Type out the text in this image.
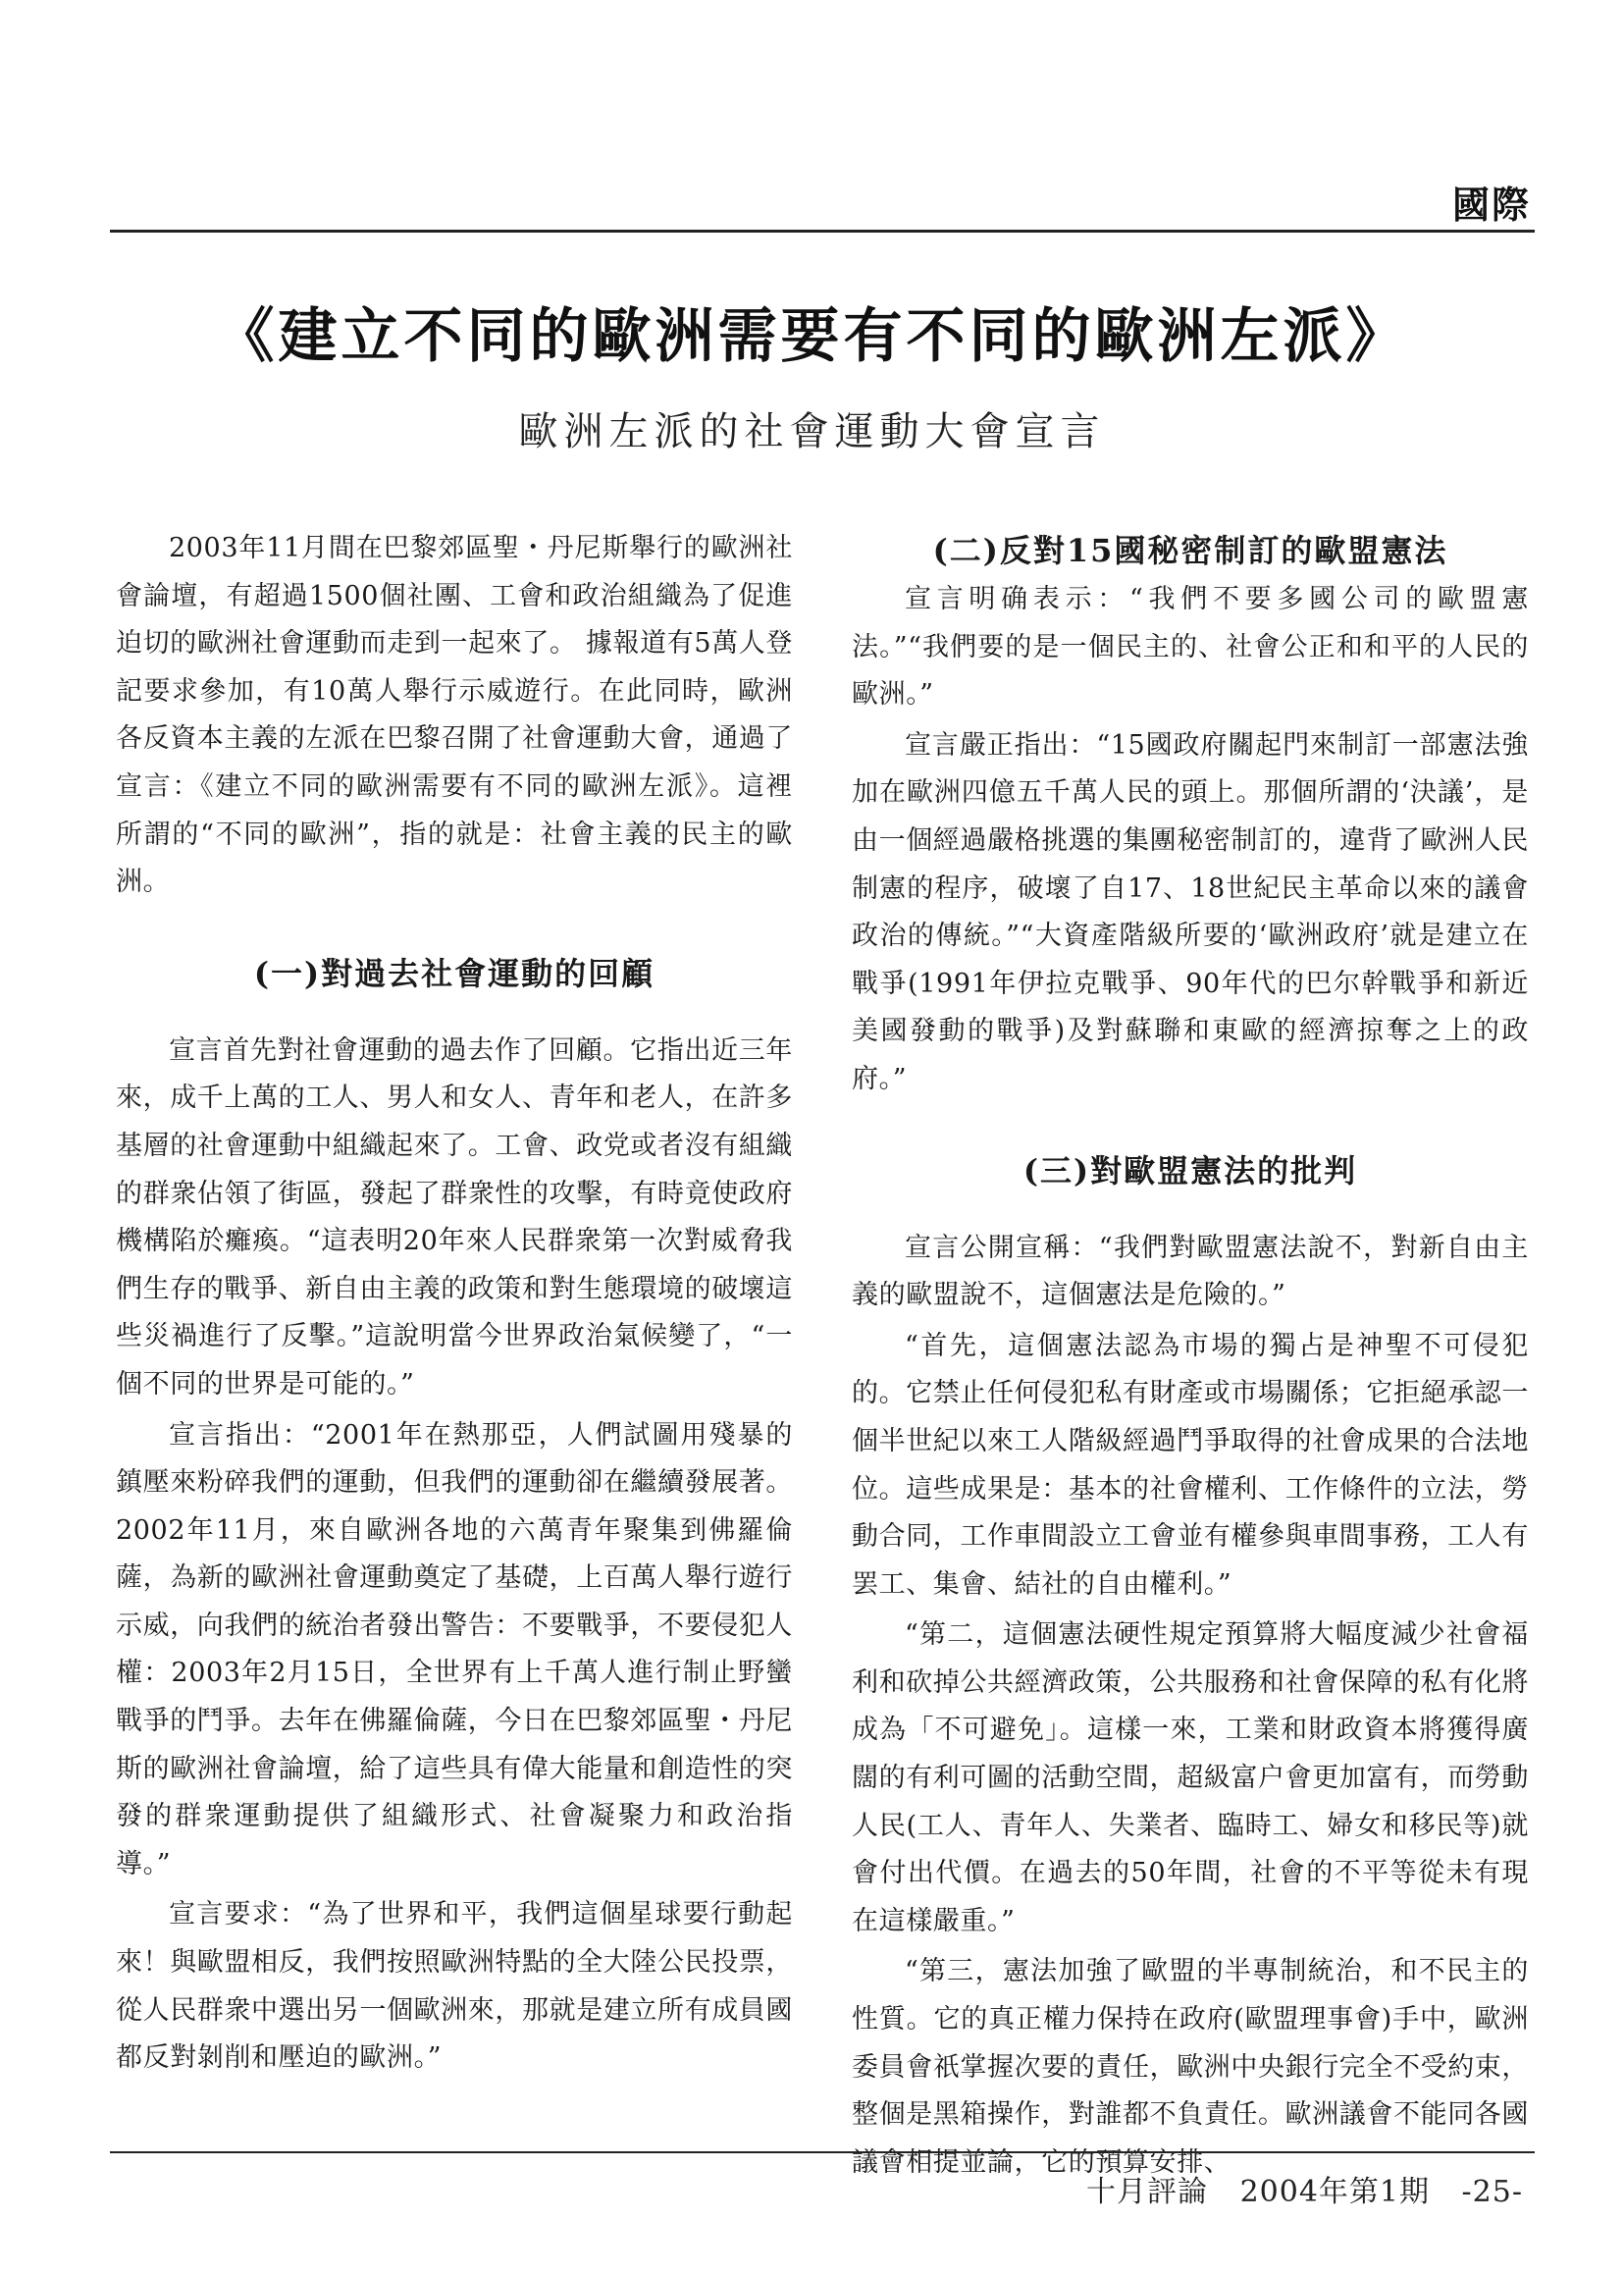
國際
《建立不同的歐洲需要有不同的歐洲左派》
歐洲左派的社會運動大會宣言

2003年11月間在巴黎郊區聖・丹尼斯舉行的歐洲社會論壇，有超過1500個社團、工會和政治組織為了促進迫切的歐洲社會運動而走到一起來了。 據報道有5萬人登記要求參加，有10萬人舉行示威遊行。在此同時，歐洲各反資本主義的左派在巴黎召開了社會運動大會，通過了宣言：《建立不同的歐洲需要有不同的歐洲左派》。這裡所謂的“不同的歐洲”，指的就是：社會主義的民主的歐洲。

(一)對過去社會運動的回顧

宣言首先對社會運動的過去作了回顧。它指出近三年來，成千上萬的工人、男人和女人、青年和老人，在許多基層的社會運動中組織起來了。工會、政党或者沒有組織的群衆佔領了街區，發起了群衆性的攻擊，有時竟使政府機構陷於癱瘓。“這表明20年來人民群衆第一次對威脅我們生存的戰爭、新自由主義的政策和對生態環境的破壞這些災禍進行了反擊。”這說明當今世界政治氣候變了，“一個不同的世界是可能的。”

宣言指出：“2001年在熱那亞，人們試圖用殘暴的鎮壓來粉碎我們的運動，但我們的運動卻在繼續發展著。2002年11月，來自歐洲各地的六萬青年聚集到佛羅倫薩，為新的歐洲社會運動奠定了基礎，上百萬人舉行遊行示威，向我們的統治者發出警告：不要戰爭，不要侵犯人權：2003年2月15日，全世界有上千萬人進行制止野蠻戰爭的鬥爭。去年在佛羅倫薩，今日在巴黎郊區聖・丹尼斯的歐洲社會論壇，給了這些具有偉大能量和創造性的突發的群衆運動提供了組織形式、社會凝聚力和政治指導。”

宣言要求：“為了世界和平，我們這個星球要行動起來！與歐盟相反，我們按照歐洲特點的全大陸公民投票，從人民群衆中選出另一個歐洲來，那就是建立所有成員國都反對剝削和壓迫的歐洲。”

(二)反對15國秘密制訂的歐盟憲法

宣言明确表示：“我們不要多國公司的歐盟憲法。”“我們要的是一個民主的、社會公正和和平的人民的歐洲。”

宣言嚴正指出：“15國政府關起門來制訂一部憲法強加在歐洲四億五千萬人民的頭上。那個所謂的‘決議’，是由一個經過嚴格挑選的集團秘密制訂的，違背了歐洲人民制憲的程序，破壞了自17、18世紀民主革命以來的議會政治的傳統。”“大資產階級所要的‘歐洲政府’就是建立在戰爭(1991年伊拉克戰爭、90年代的巴尔幹戰爭和新近美國發動的戰爭)及對蘇聯和東歐的經濟掠奪之上的政府。”

(三)對歐盟憲法的批判

宣言公開宣稱：“我們對歐盟憲法說不，對新自由主義的歐盟說不，這個憲法是危險的。”

“首先，這個憲法認為市場的獨占是神聖不可侵犯的。它禁止任何侵犯私有財產或市場關係；它拒絕承認一個半世紀以來工人階級經過鬥爭取得的社會成果的合法地位。這些成果是：基本的社會權利、工作條件的立法，勞動合同，工作車間設立工會並有權參與車間事務，工人有罢工、集會、結社的自由權利。”

“第二，這個憲法硬性規定預算將大幅度減少社會福利和砍掉公共經濟政策，公共服務和社會保障的私有化將成為「不可避免」。這樣一來，工業和財政資本將獲得廣闊的有利可圖的活動空間，超級富户會更加富有，而勞動人民(工人、青年人、失業者、臨時工、婦女和移民等)就會付出代價。在過去的50年間，社會的不平等從未有現在這樣嚴重。”

“第三，憲法加強了歐盟的半專制統治，和不民主的性質。它的真正權力保持在政府(歐盟理事會)手中，歐洲委員會祇掌握次要的責任，歐洲中央銀行完全不受約束，整個是黑箱操作，對誰都不負責任。歐洲議會不能同各國議會相提並論，它的預算安排、

十月評論 2004年第1期 -25-
